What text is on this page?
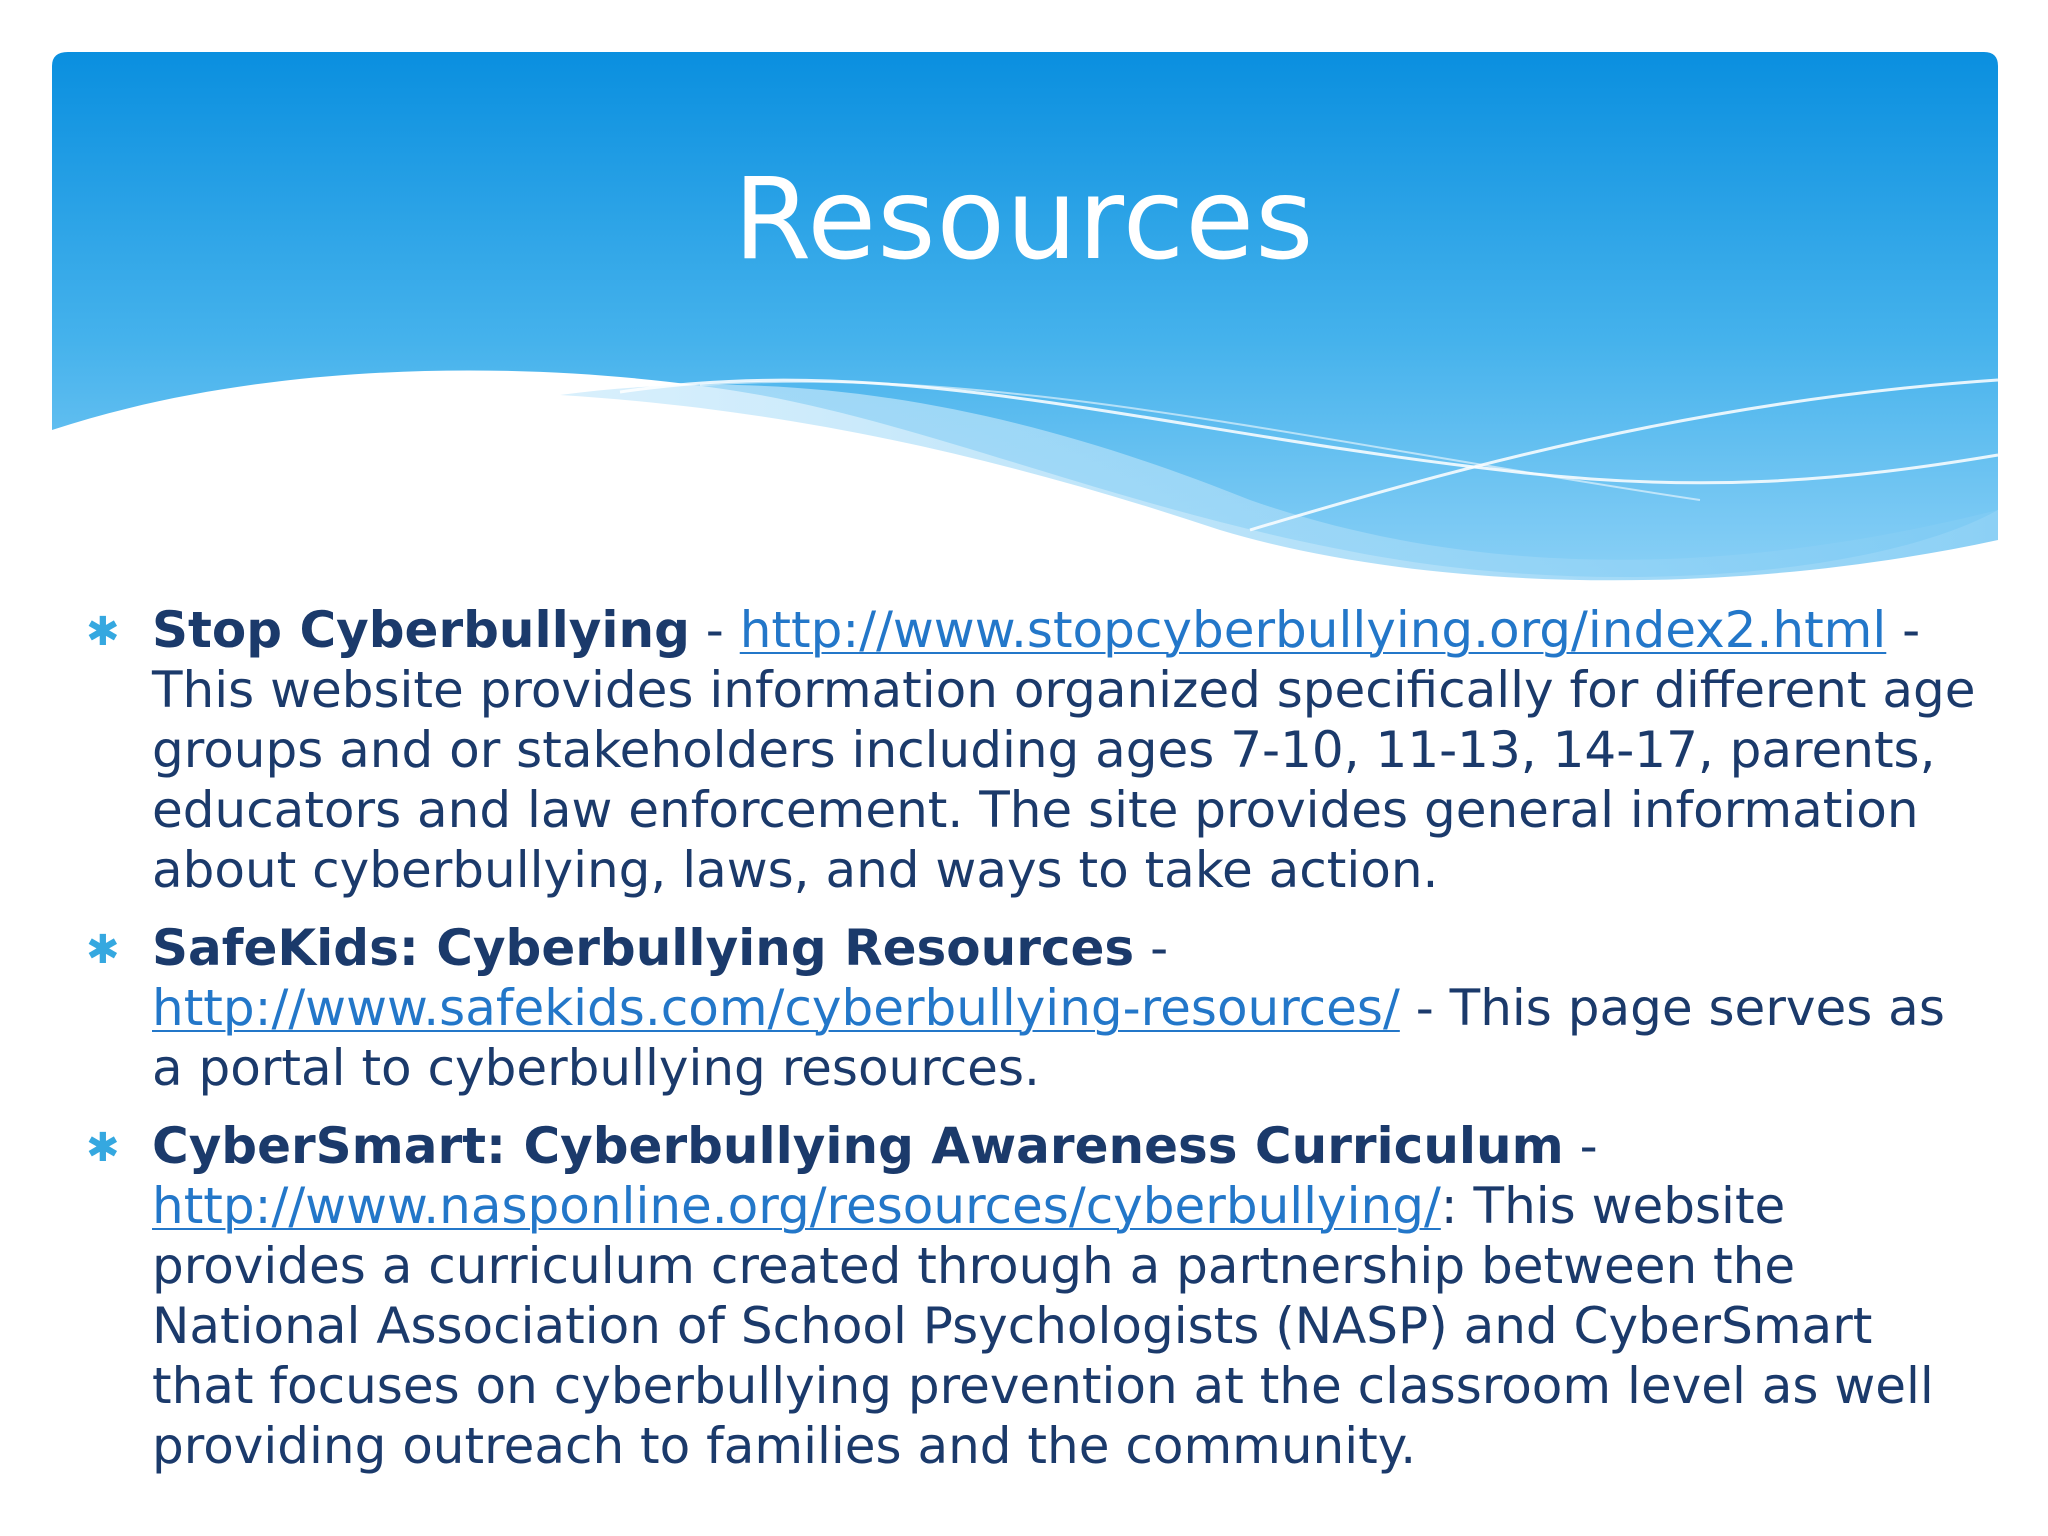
Resources
✱ Stop Cyberbullying - http://www.stopcyberbullying.org/index2.html - This website provides information organized specifically for different age groups and or stakeholders including ages 7-10, 11-13, 14-17, parents, educators and law enforcement. The site provides general information about cyberbullying, laws, and ways to take action.
✱ SafeKids: Cyberbullying Resources - http://www.safekids.com/cyberbullying-resources/ - This page serves as a portal to cyberbullying resources.
✱ CyberSmart: Cyberbullying Awareness Curriculum - http://www.nasponline.org/resources/cyberbullying/: This website provides a curriculum created through a partnership between the National Association of School Psychologists (NASP) and CyberSmart that focuses on cyberbullying prevention at the classroom level as well providing outreach to families and the community.
